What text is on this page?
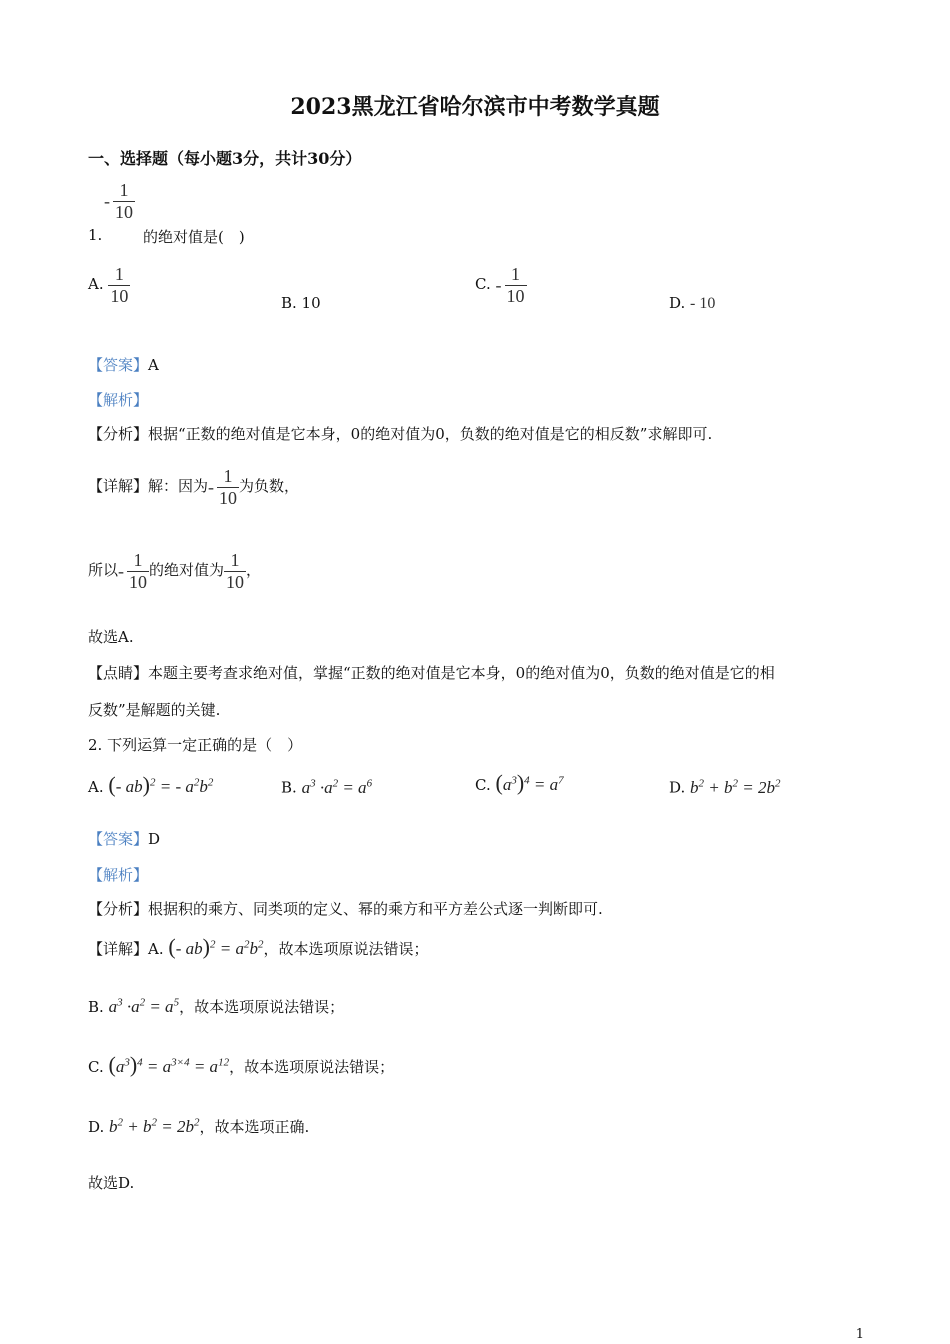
2023黑龙江省哈尔滨市中考数学真题
一、选择题（每小题3分，共计30分）
- $\frac{1}{10}$
1.	的绝对值是(　)
A. $\frac{1}{10}$	B. 10
C. - $\frac{1}{10}$	D. - 10
【答案】A
【解析】
【分析】根据“正数的绝对值是它本身，0的绝对值为0，负数的绝对值是它的相反数”求解即可.
【详解】解：因为- $\frac{1}{10}$ 为负数，
所以- $\frac{1}{10}$ 的绝对值为 $\frac{1}{10}$ ，
故选A.
【点睛】本题主要考查求绝对值，掌握“正数的绝对值是它本身，0的绝对值为0，负数的绝对值是它的相
反数”是解题的关键.
2. 下列运算一定正确的是（　）
A. (- ab)$^2$ = - $a^2b^2$	B. $a^3 \cdot a^2 = a^6$	C. $(a^3)^4 = a^7$	D. $b^2 + b^2 = 2b^2$
【答案】D
【解析】
【分析】根据积的乘方、同类项的定义、幂的乘方和平方差公式逐一判断即可.
【详解】A. (- $ab)^2 = a^2b^2$，故本选项原说法错误；
B. $a^3 \cdot a^2 = a^5$，故本选项原说法错误；
C. $(a^3)^4 = a^{3\times 4} = a^{12}$，故本选项原说法错误；
D. $b^2 + b^2 = 2b^2$，故本选项正确.
故选D.
1
